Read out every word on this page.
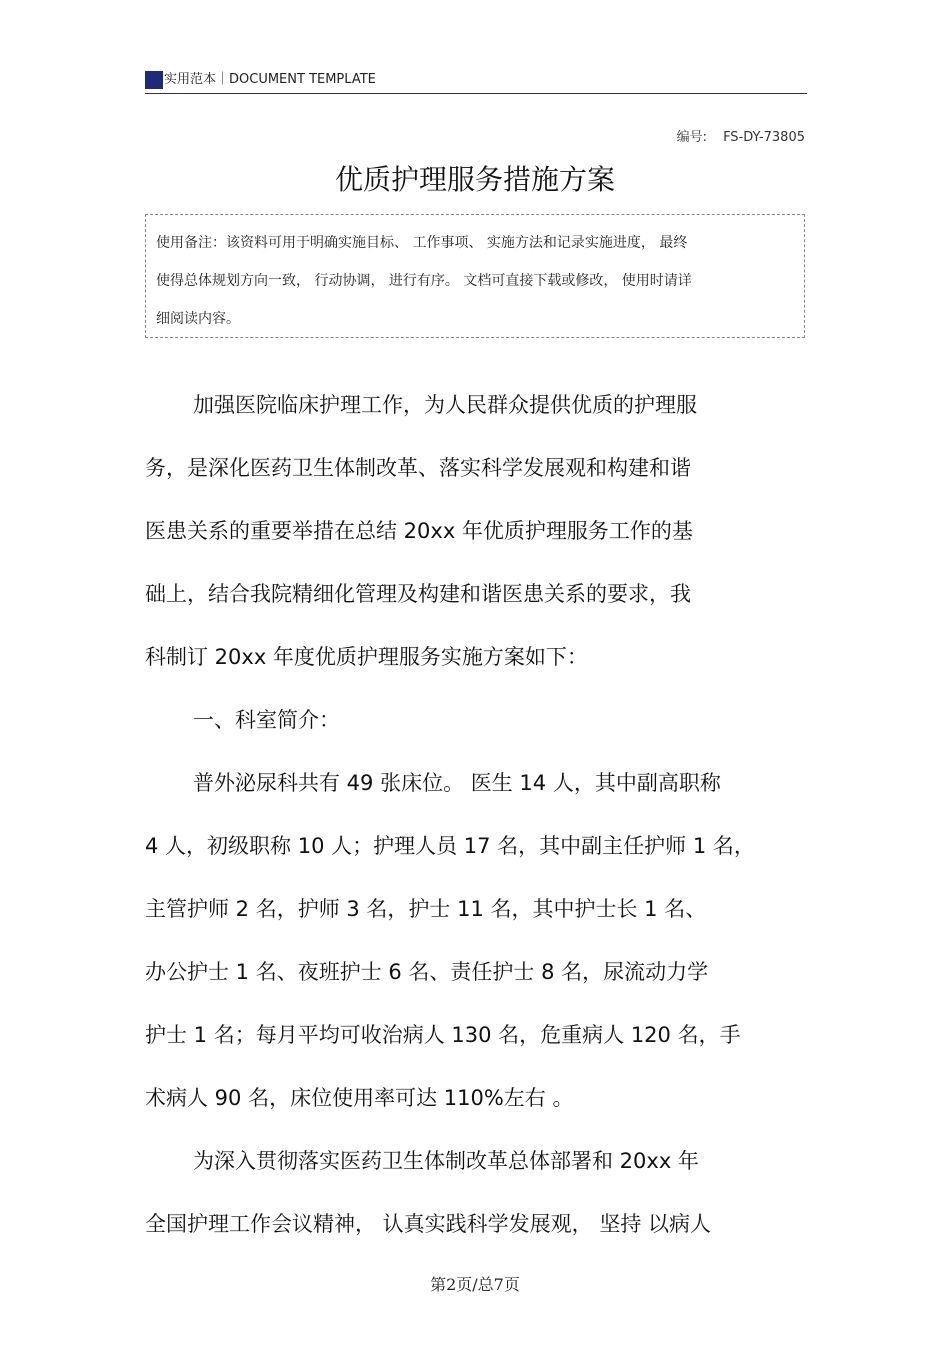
实用范本｜DOCUMENT TEMPLATE
编号: FS-DY-73805
优质护理服务措施方案

使用备注：该资料可用于明确实施目标、 工作事项、 实施方法和记录实施进度， 最终

使得总体规划方向一致， 行动协调， 进行有序。 文档可直接下载或修改， 使用时请详

细阅读内容。

加强医院临床护理工作，为人民群众提供优质的护理服

务，是深化医药卫生体制改革、落实科学发展观和构建和谐

医患关系的重要举措在总结 20xx 年优质护理服务工作的基

础上，结合我院精细化管理及构建和谐医患关系的要求，我

科制订 20xx 年度优质护理服务实施方案如下：

一、科室简介：

普外泌尿科共有 49 张床位。 医生 14 人，其中副高职称

4 人，初级职称 10 人；护理人员 17 名，其中副主任护师 1 名，

主管护师 2 名，护师 3 名，护士 11 名，其中护士长 1 名、

办公护士 1 名、夜班护士 6 名、责任护士 8 名，尿流动力学

护士 1 名；每月平均可收治病人 130 名，危重病人 120 名，手

术病人 90 名，床位使用率可达 110%左右 。

为深入贯彻落实医药卫生体制改革总体部署和 20xx 年

全国护理工作会议精神， 认真实践科学发展观， 坚持 以病人

第2页/总7页
